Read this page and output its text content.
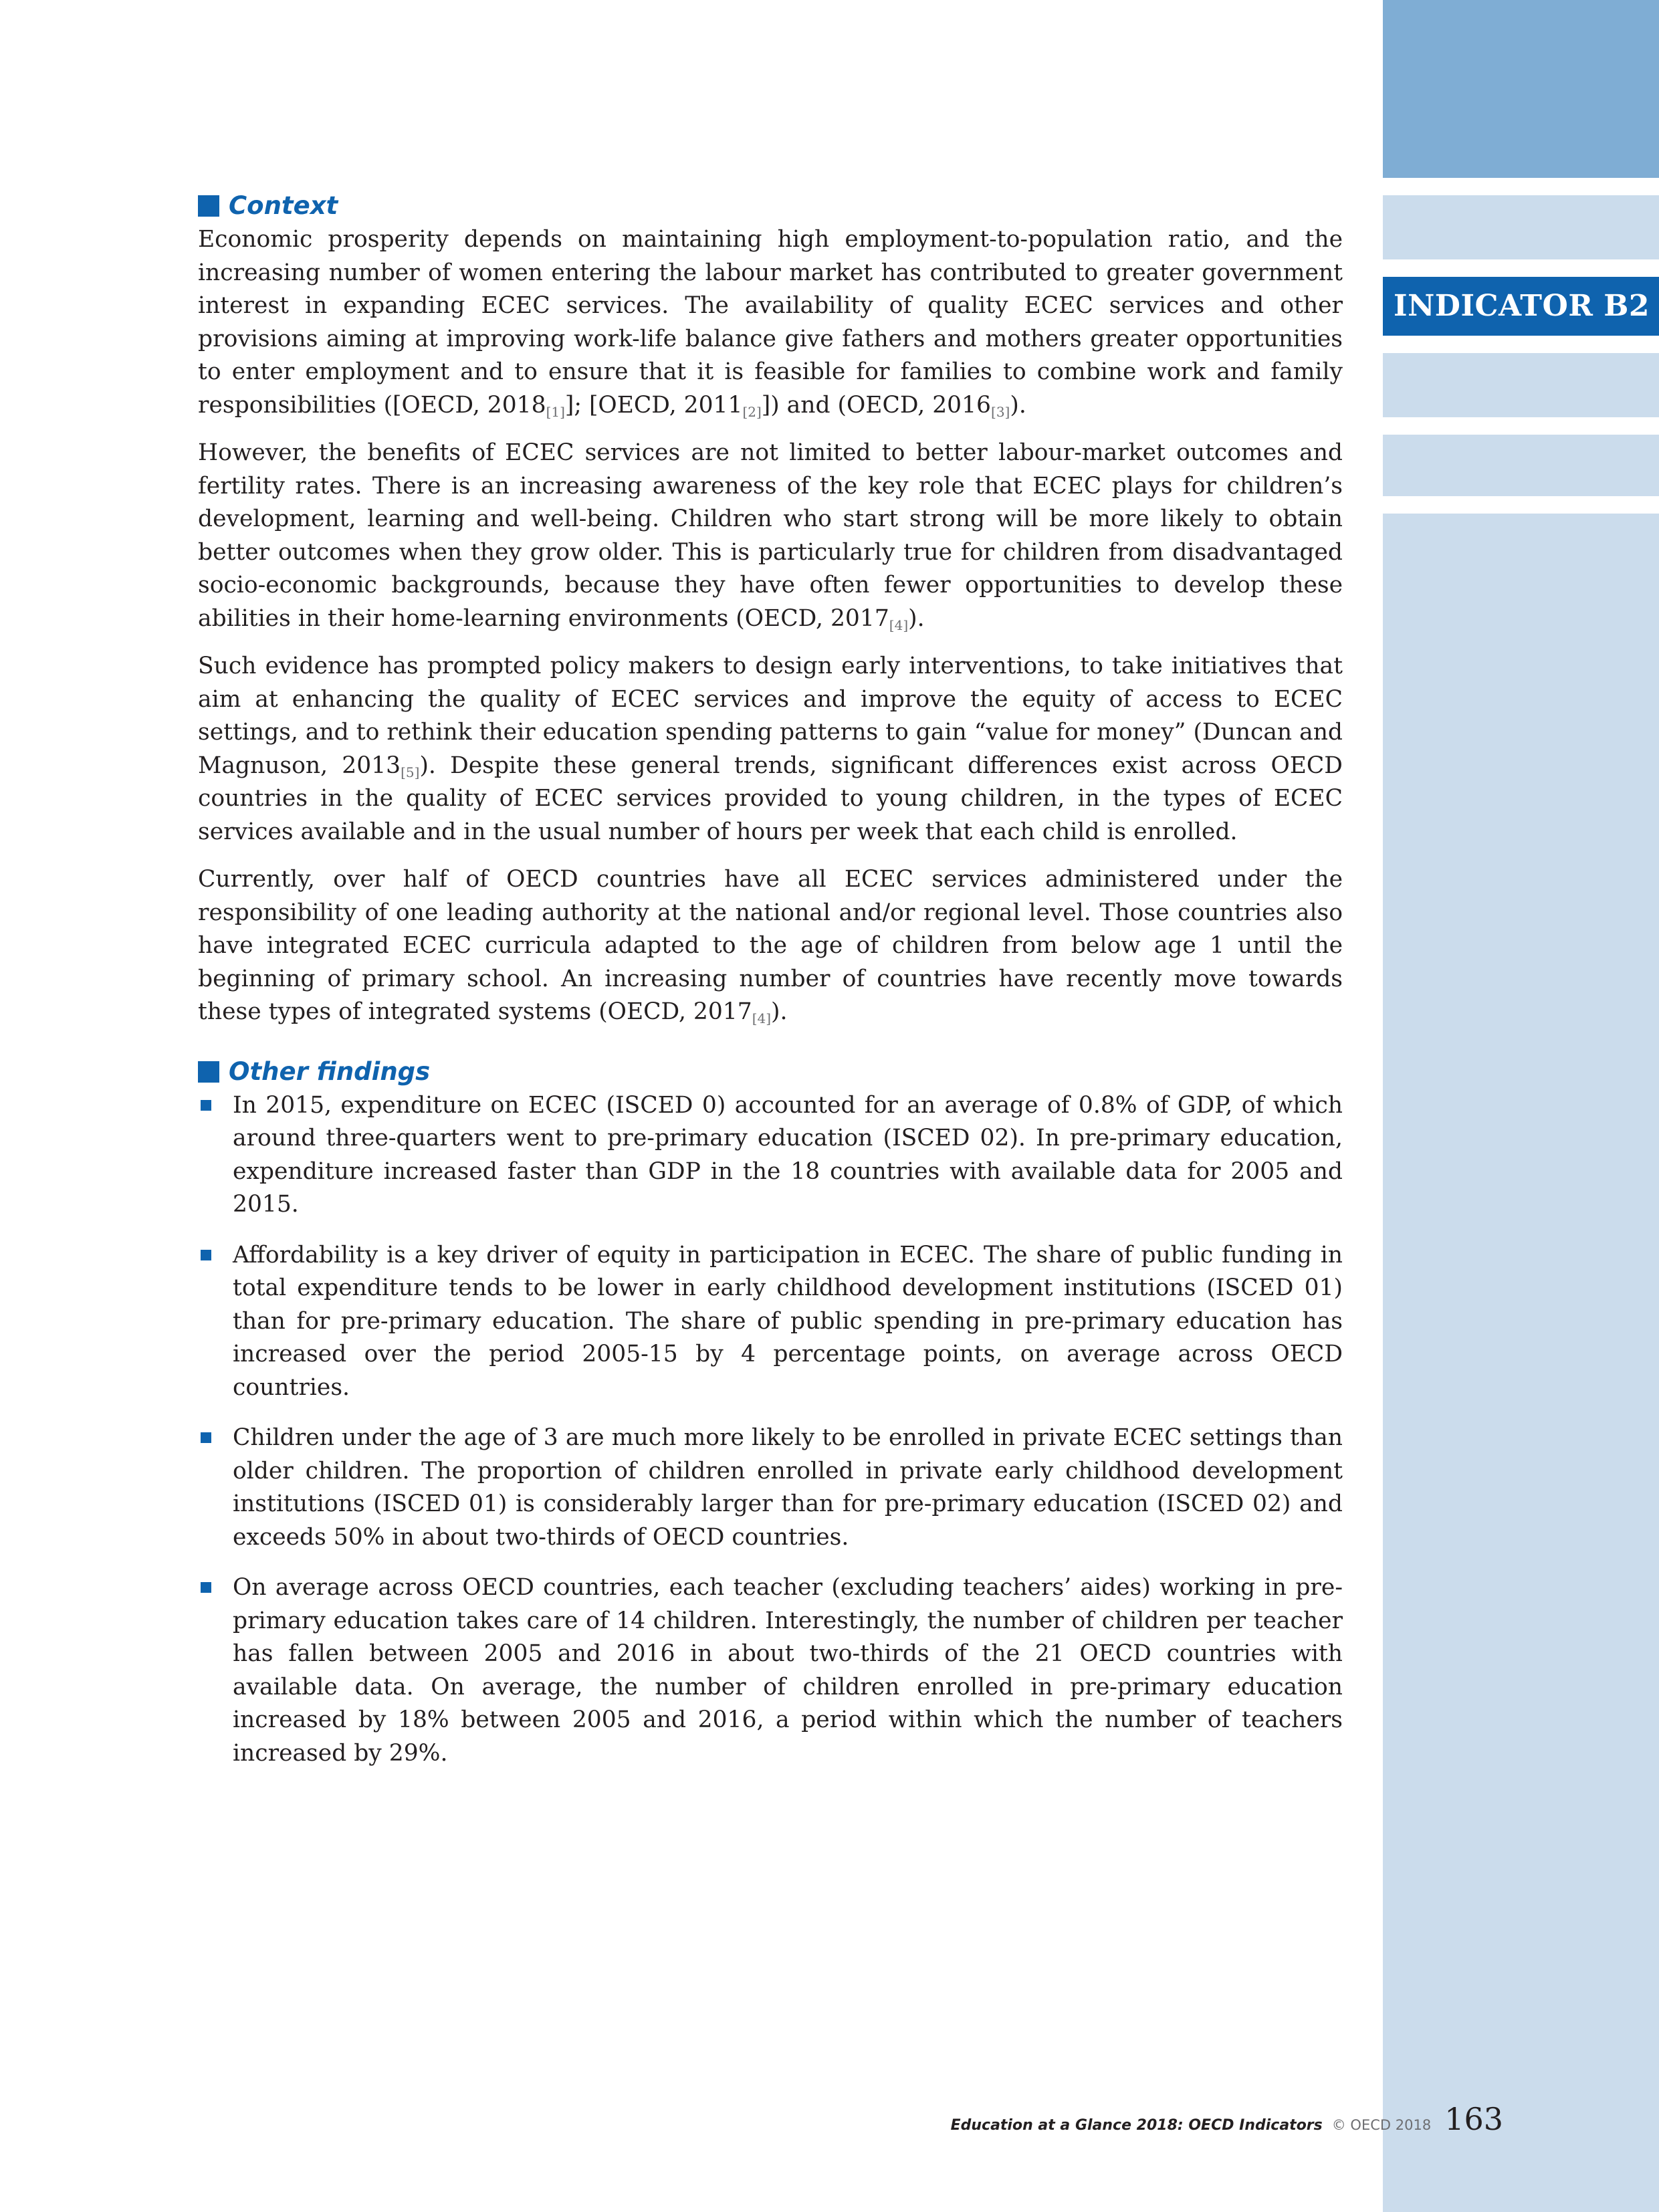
INDICATOR B2
Context

Economic prosperity depends on maintaining high employment-to-population ratio, and the increasing number of women entering the labour market has contributed to greater government interest in expanding ECEC services. The availability of quality ECEC services and other provisions aiming at improving work-life balance give fathers and mothers greater opportunities to enter employment and to ensure that it is feasible for families to combine work and family responsibilities ([OECD, $2018_{[1]}$]; [OECD, $2011_{[2]}$]) and (OECD, $2016_{[3]}$).

However, the benefits of ECEC services are not limited to better labour-market outcomes and fertility rates. There is an increasing awareness of the key role that ECEC plays for children’s development, learning and well-being. Children who start strong will be more likely to obtain better outcomes when they grow older. This is particularly true for children from disadvantaged socio-economic backgrounds, because they have often fewer opportunities to develop these abilities in their home-learning environments (OECD, $2017_{[4]}$).

Such evidence has prompted policy makers to design early interventions, to take initiatives that aim at enhancing the quality of ECEC services and improve the equity of access to ECEC settings, and to rethink their education spending patterns to gain “value for money” (Duncan and Magnuson, $2013_{[5]}$). Despite these general trends, significant differences exist across OECD countries in the quality of ECEC services provided to young children, in the types of ECEC services available and in the usual number of hours per week that each child is enrolled.

Currently, over half of OECD countries have all ECEC services administered under the responsibility of one leading authority at the national and/or regional level. Those countries also have integrated ECEC curricula adapted to the age of children from below age 1 until the beginning of primary school. An increasing number of countries have recently move towards these types of integrated systems (OECD, $2017_{[4]}$).

Other findings
In 2015, expenditure on ECEC (ISCED 0) accounted for an average of 0.8% of GDP, of which around three-quarters went to pre-primary education (ISCED 02). In pre-primary education, expenditure increased faster than GDP in the 18 countries with available data for 2005 and 2015.
Affordability is a key driver of equity in participation in ECEC. The share of public funding in total expenditure tends to be lower in early childhood development institutions (ISCED 01) than for pre-primary education. The share of public spending in pre-primary education has increased over the period 2005-15 by 4 percentage points, on average across OECD countries.
Children under the age of 3 are much more likely to be enrolled in private ECEC settings than older children. The proportion of children enrolled in private early childhood development institutions (ISCED 01) is considerably larger than for pre-primary education (ISCED 02) and exceeds 50% in about two-thirds of OECD countries.
On average across OECD countries, each teacher (excluding teachers’ aides) working in pre-primary education takes care of 14 children. Interestingly, the number of children per teacher has fallen between 2005 and 2016 in about two-thirds of the 21 OECD countries with available data. On average, the number of children enrolled in pre-primary education increased by 18% between 2005 and 2016, a period within which the number of teachers increased by 29%.
Education at a Glance 2018: OECD Indicators © OECD 2018 163
